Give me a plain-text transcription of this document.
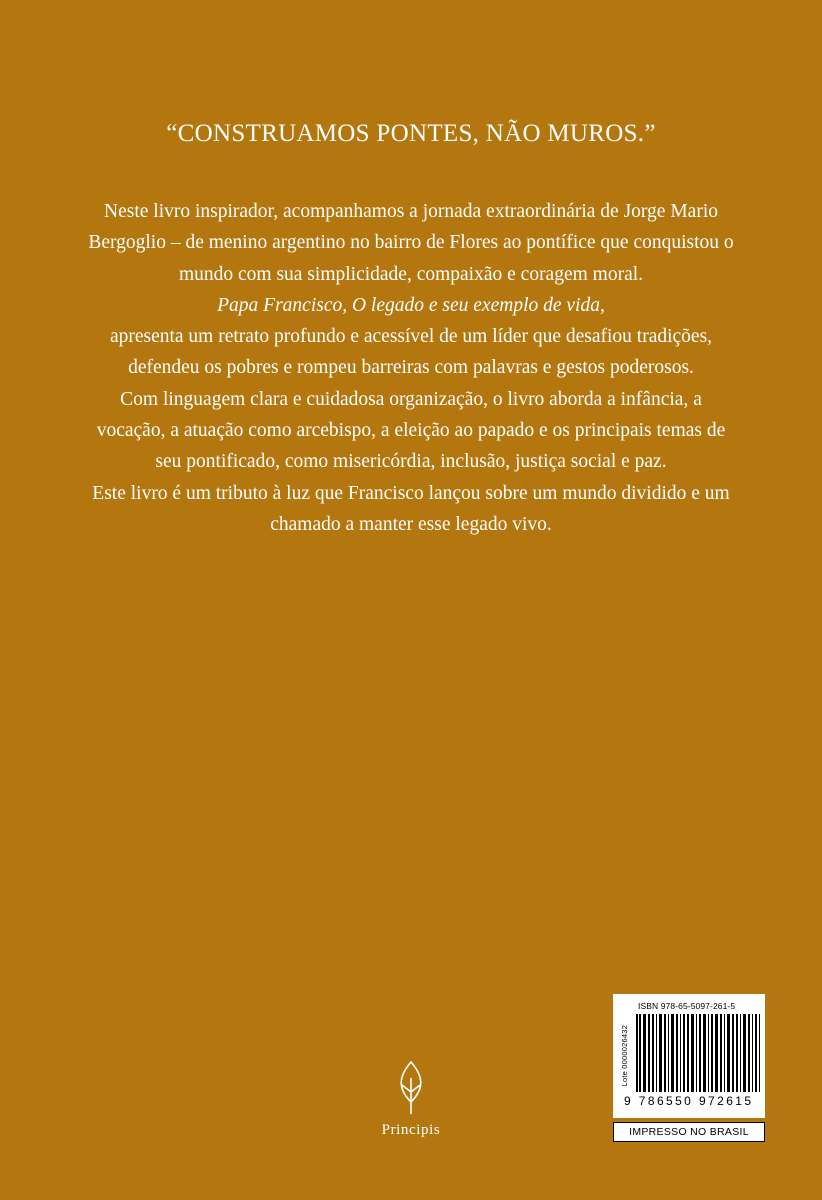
“CONSTRUAMOS PONTES, NÃO MUROS.”

Neste livro inspirador, acompanhamos a jornada extraordinária de Jorge Mario Bergoglio – de menino argentino no bairro de Flores ao pontífice que conquistou o mundo com sua simplicidade, compaixão e coragem moral.

Papa Francisco, O legado e seu exemplo de vida,

apresenta um retrato profundo e acessível de um líder que desafiou tradições, defendeu os pobres e rompeu barreiras com palavras e gestos poderosos.

Com linguagem clara e cuidadosa organização, o livro aborda a infância, a vocação, a atuação como arcebispo, a eleição ao papado e os principais temas de seu pontificado, como misericórdia, inclusão, justiça social e paz.

Este livro é um tributo à luz que Francisco lançou sobre um mundo dividido e um chamado a manter esse legado vivo.

Principis
ISBN 978-65-5097-261-5
Lote 0000026432
9 786550 972615
IMPRESSO NO BRASIL
